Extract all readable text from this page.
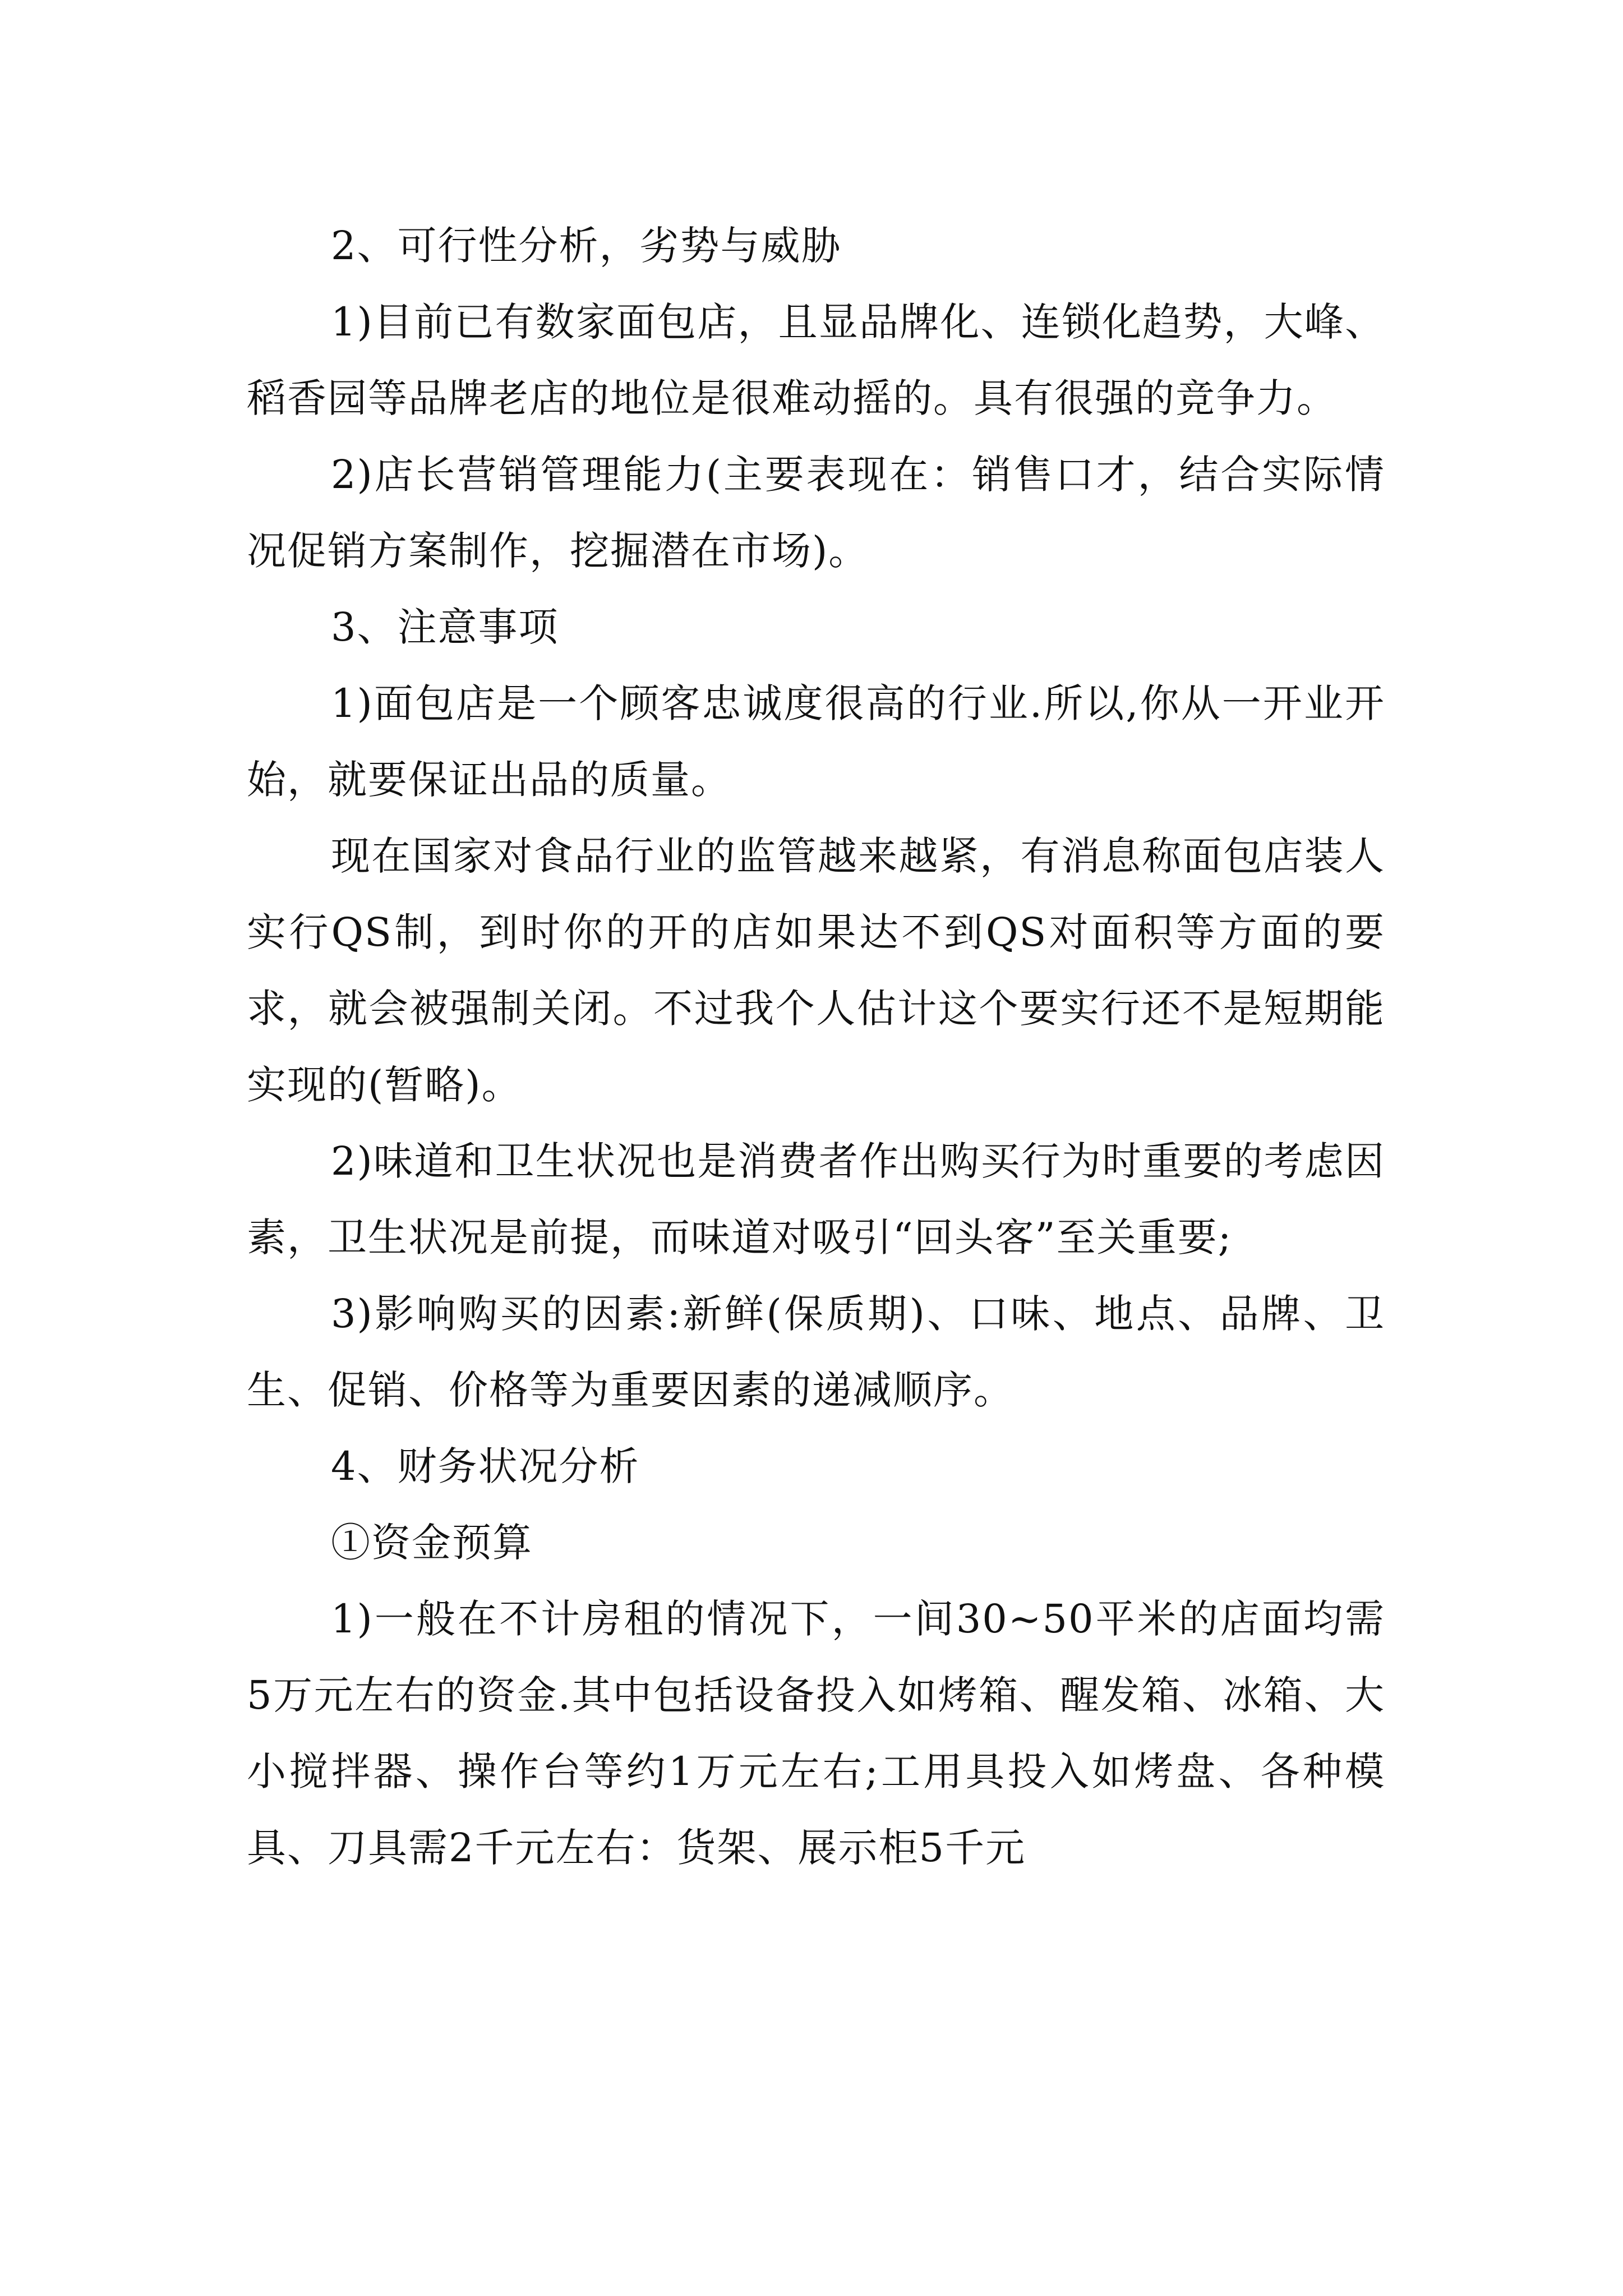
2、可行性分析，劣势与威胁

1)目前已有数家面包店，且显品牌化、连锁化趋势，大峰、稻香园等品牌老店的地位是很难动摇的。具有很强的竞争力。

2)店长营销管理能力(主要表现在：销售口才，结合实际情况促销方案制作，挖掘潜在市场)。

3、注意事项

1)面包店是一个顾客忠诚度很高的行业.所以,你从一开业开始，就要保证出品的质量。

现在国家对食品行业的监管越来越紧，有消息称面包店装人实行QS制，到时你的开的店如果达不到QS对面积等方面的要求，就会被强制关闭。不过我个人估计这个要实行还不是短期能实现的(暂略)。

2)味道和卫生状况也是消费者作出购买行为时重要的考虑因素，卫生状况是前提，而味道对吸引“回头客”至关重要;

3)影响购买的因素:新鲜(保质期)、口味、地点、品牌、卫生、促销、价格等为重要因素的递减顺序。

4、财务状况分析

①资金预算

1)一般在不计房租的情况下，一间30~50平米的店面均需5万元左右的资金.其中包括设备投入如烤箱、醒发箱、冰箱、大小搅拌器、操作台等约1万元左右;工用具投入如烤盘、各种模具、刀具需2千元左右：货架、展示柜5千元
